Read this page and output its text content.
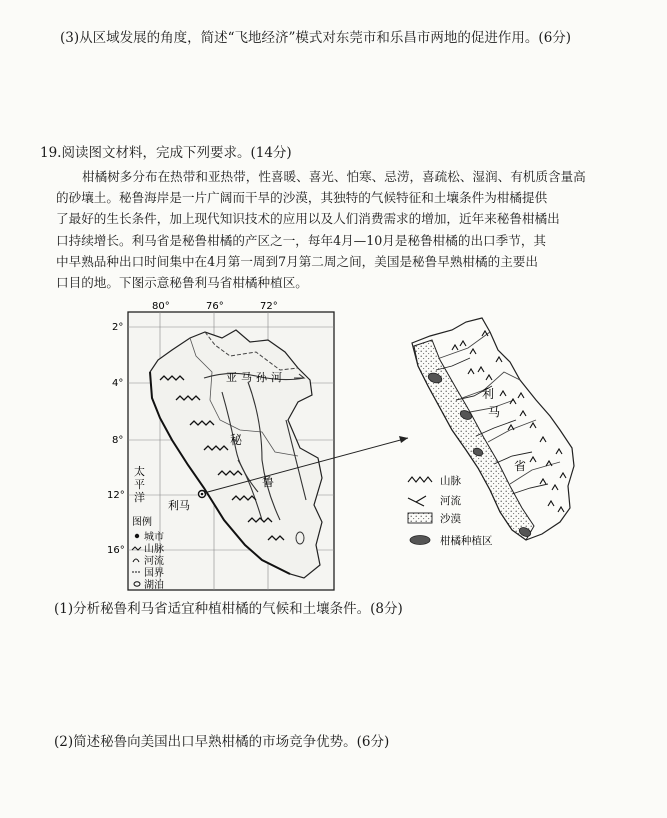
(3)从区域发展的角度，简述“飞地经济”模式对东莞市和乐昌市两地的促进作用。(6分)
19.阅读图文材料，完成下列要求。(14分)
柑橘树多分布在热带和亚热带，性喜暖、喜光、怕寒、忌涝，喜疏松、湿润、有机质含量高
的砂壤土。秘鲁海岸是一片广阔而干旱的沙漠，其独特的气候特征和土壤条件为柑橘提供
了最好的生长条件，加上现代知识技术的应用以及人们消费需求的增加，近年来秘鲁柑橘出
口持续增长。利马省是秘鲁柑橘的产区之一，每年4月—10月是秘鲁柑橘的出口季节，其
中早熟品种出口时间集中在4月第一周到7月第二周之间，美国是秘鲁早熟柑橘的主要出
口目的地。下图示意秘鲁利马省柑橘种植区。
80°	76°	72°
2°
4°
8°
12°
16°
亚马孙河
秘
鲁
太
平
洋
利马
图例
城市
山脉
河流
国界
湖泊
利
马
省
山脉
河流
沙漠
柑橘种植区
(1)分析秘鲁利马省适宜种植柑橘的气候和土壤条件。(8分)
(2)简述秘鲁向美国出口早熟柑橘的市场竞争优势。(6分)
